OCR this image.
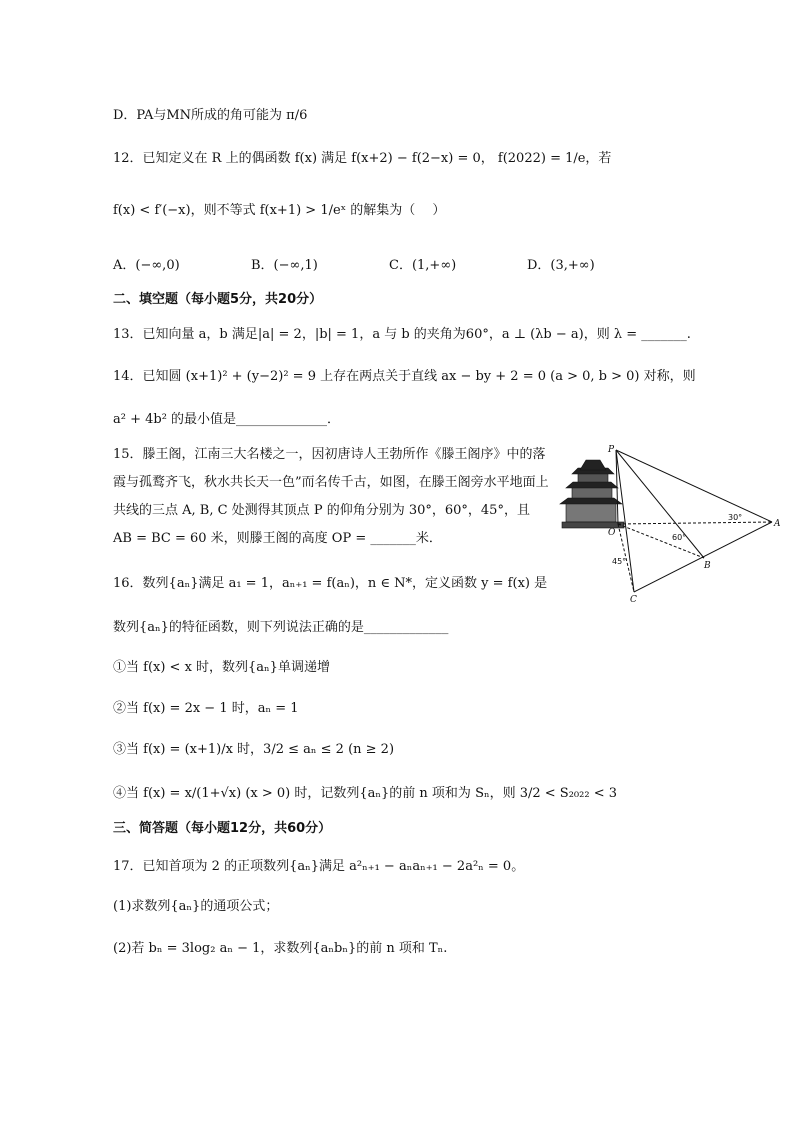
D．PA与MN所成的角可能为 π/6
12．已知定义在 R 上的偶函数 f(x) 满足 f(x+2) − f(2−x) = 0， f(2022) = 1/e，若
f(x) < f′(−x)，则不等式 f(x+1) > 1/eˣ 的解集为（　 ）
A．(−∞,0)	B．(−∞,1)	C．(1,+∞)	D．(3,+∞)
二、填空题（每小题5分，共20分）
13．已知向量 a，b 满足|a| = 2，|b| = 1，a 与 b 的夹角为60°，a ⊥ (λb − a)，则 λ = _______.
14．已知圆 (x+1)² + (y−2)² = 9 上存在两点关于直线 ax − by + 2 = 0 (a > 0, b > 0) 对称，则
a² + 4b² 的最小值是______________．
15．滕王阁，江南三大名楼之一，因初唐诗人王勃所作《滕王阁序》中的落霞与孤鹜齐飞，秋水共长天一色”而名传千古，如图，在滕王阁旁水平地面上共线的三点 A, B, C 处测得其顶点 P 的仰角分别为 30°，60°，45°，且 AB = BC = 60 米，则滕王阁的高度 OP = _______米．
P
O
A
B
C
30°
60°
45°
16．数列{aₙ}满足 a₁ = 1，aₙ₊₁ = f(aₙ)，n ∈ N*，定义函数 y = f(x) 是
数列{aₙ}的特征函数，则下列说法正确的是_____________
①当 f(x) < x 时，数列{aₙ}单调递增
②当 f(x) = 2x − 1 时，aₙ = 1
③当 f(x) = (x+1)/x 时，3/2 ≤ aₙ ≤ 2 (n ≥ 2)
④当 f(x) = x/(1+√x) (x > 0) 时，记数列{aₙ}的前 n 项和为 Sₙ，则 3/2 < S₂₀₂₂ < 3
三、简答题（每小题12分，共60分）
17．已知首项为 2 的正项数列{aₙ}满足 a²ₙ₊₁ − aₙaₙ₊₁ − 2a²ₙ = 0。
(1)求数列{aₙ}的通项公式；
(2)若 bₙ = 3log₂ aₙ − 1，求数列{aₙbₙ}的前 n 项和 Tₙ.
